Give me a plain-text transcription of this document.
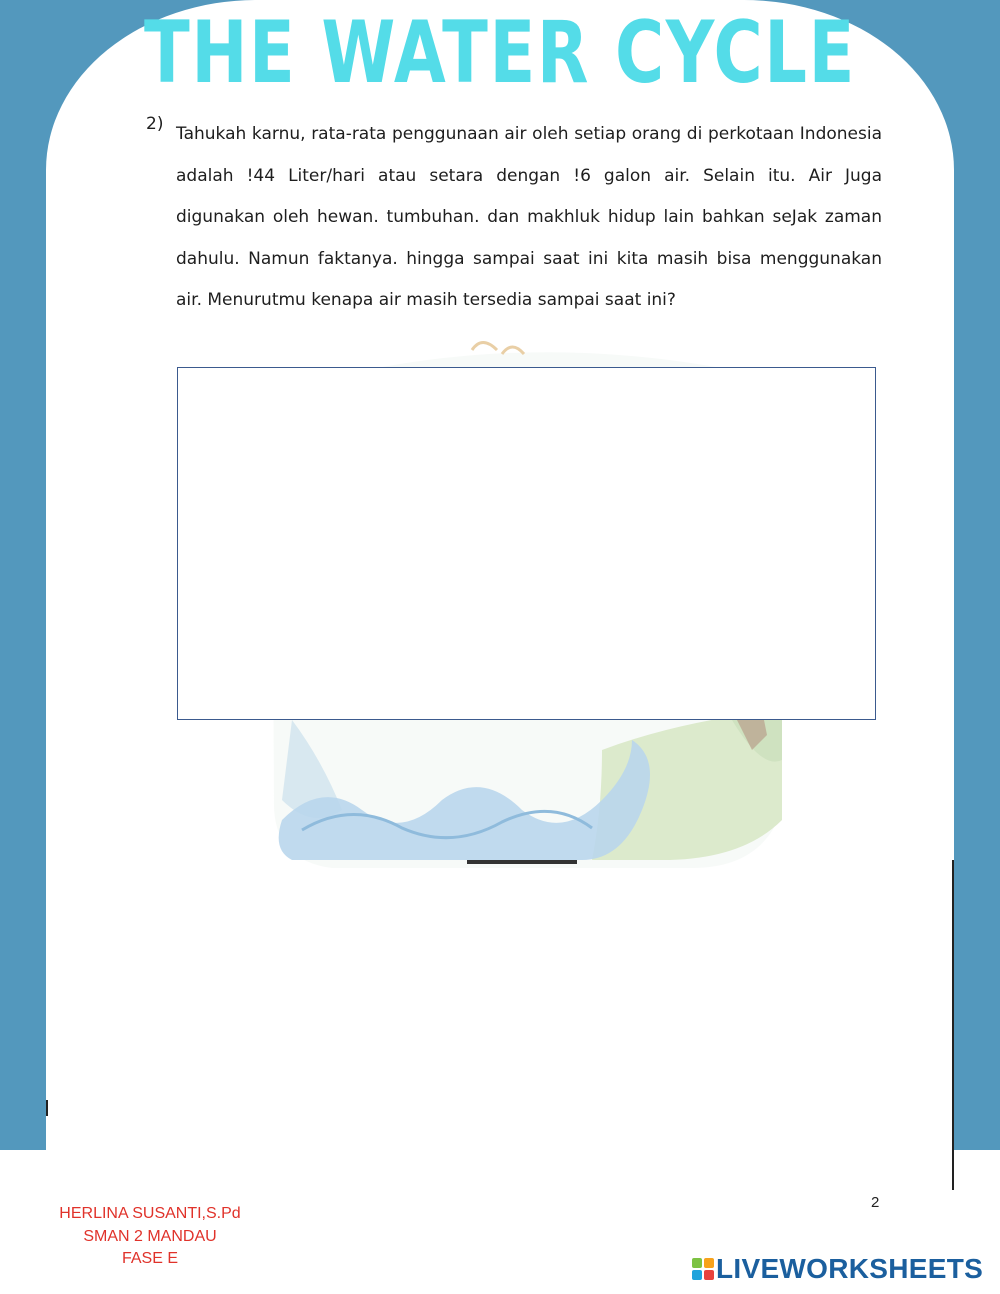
THE WATER CYCLE
2) Tahukah karnu, rata-rata penggunaan air oleh setiap orang di perkotaan Indonesia adalah !44 Liter/hari atau setara dengan !6 galon air. Selain itu. Air Juga digunakan oleh hewan. tumbuhan. dan makhluk hidup lain bahkan seJak zaman dahulu. Namun faktanya. hingga sampai saat ini kita masih bisa menggunakan air. Menurutmu kenapa air masih tersedia sampai saat ini?
2
HERLINA SUSANTI,S.Pd
SMAN 2 MANDAU
FASE E	LIVEWORKSHEETS
